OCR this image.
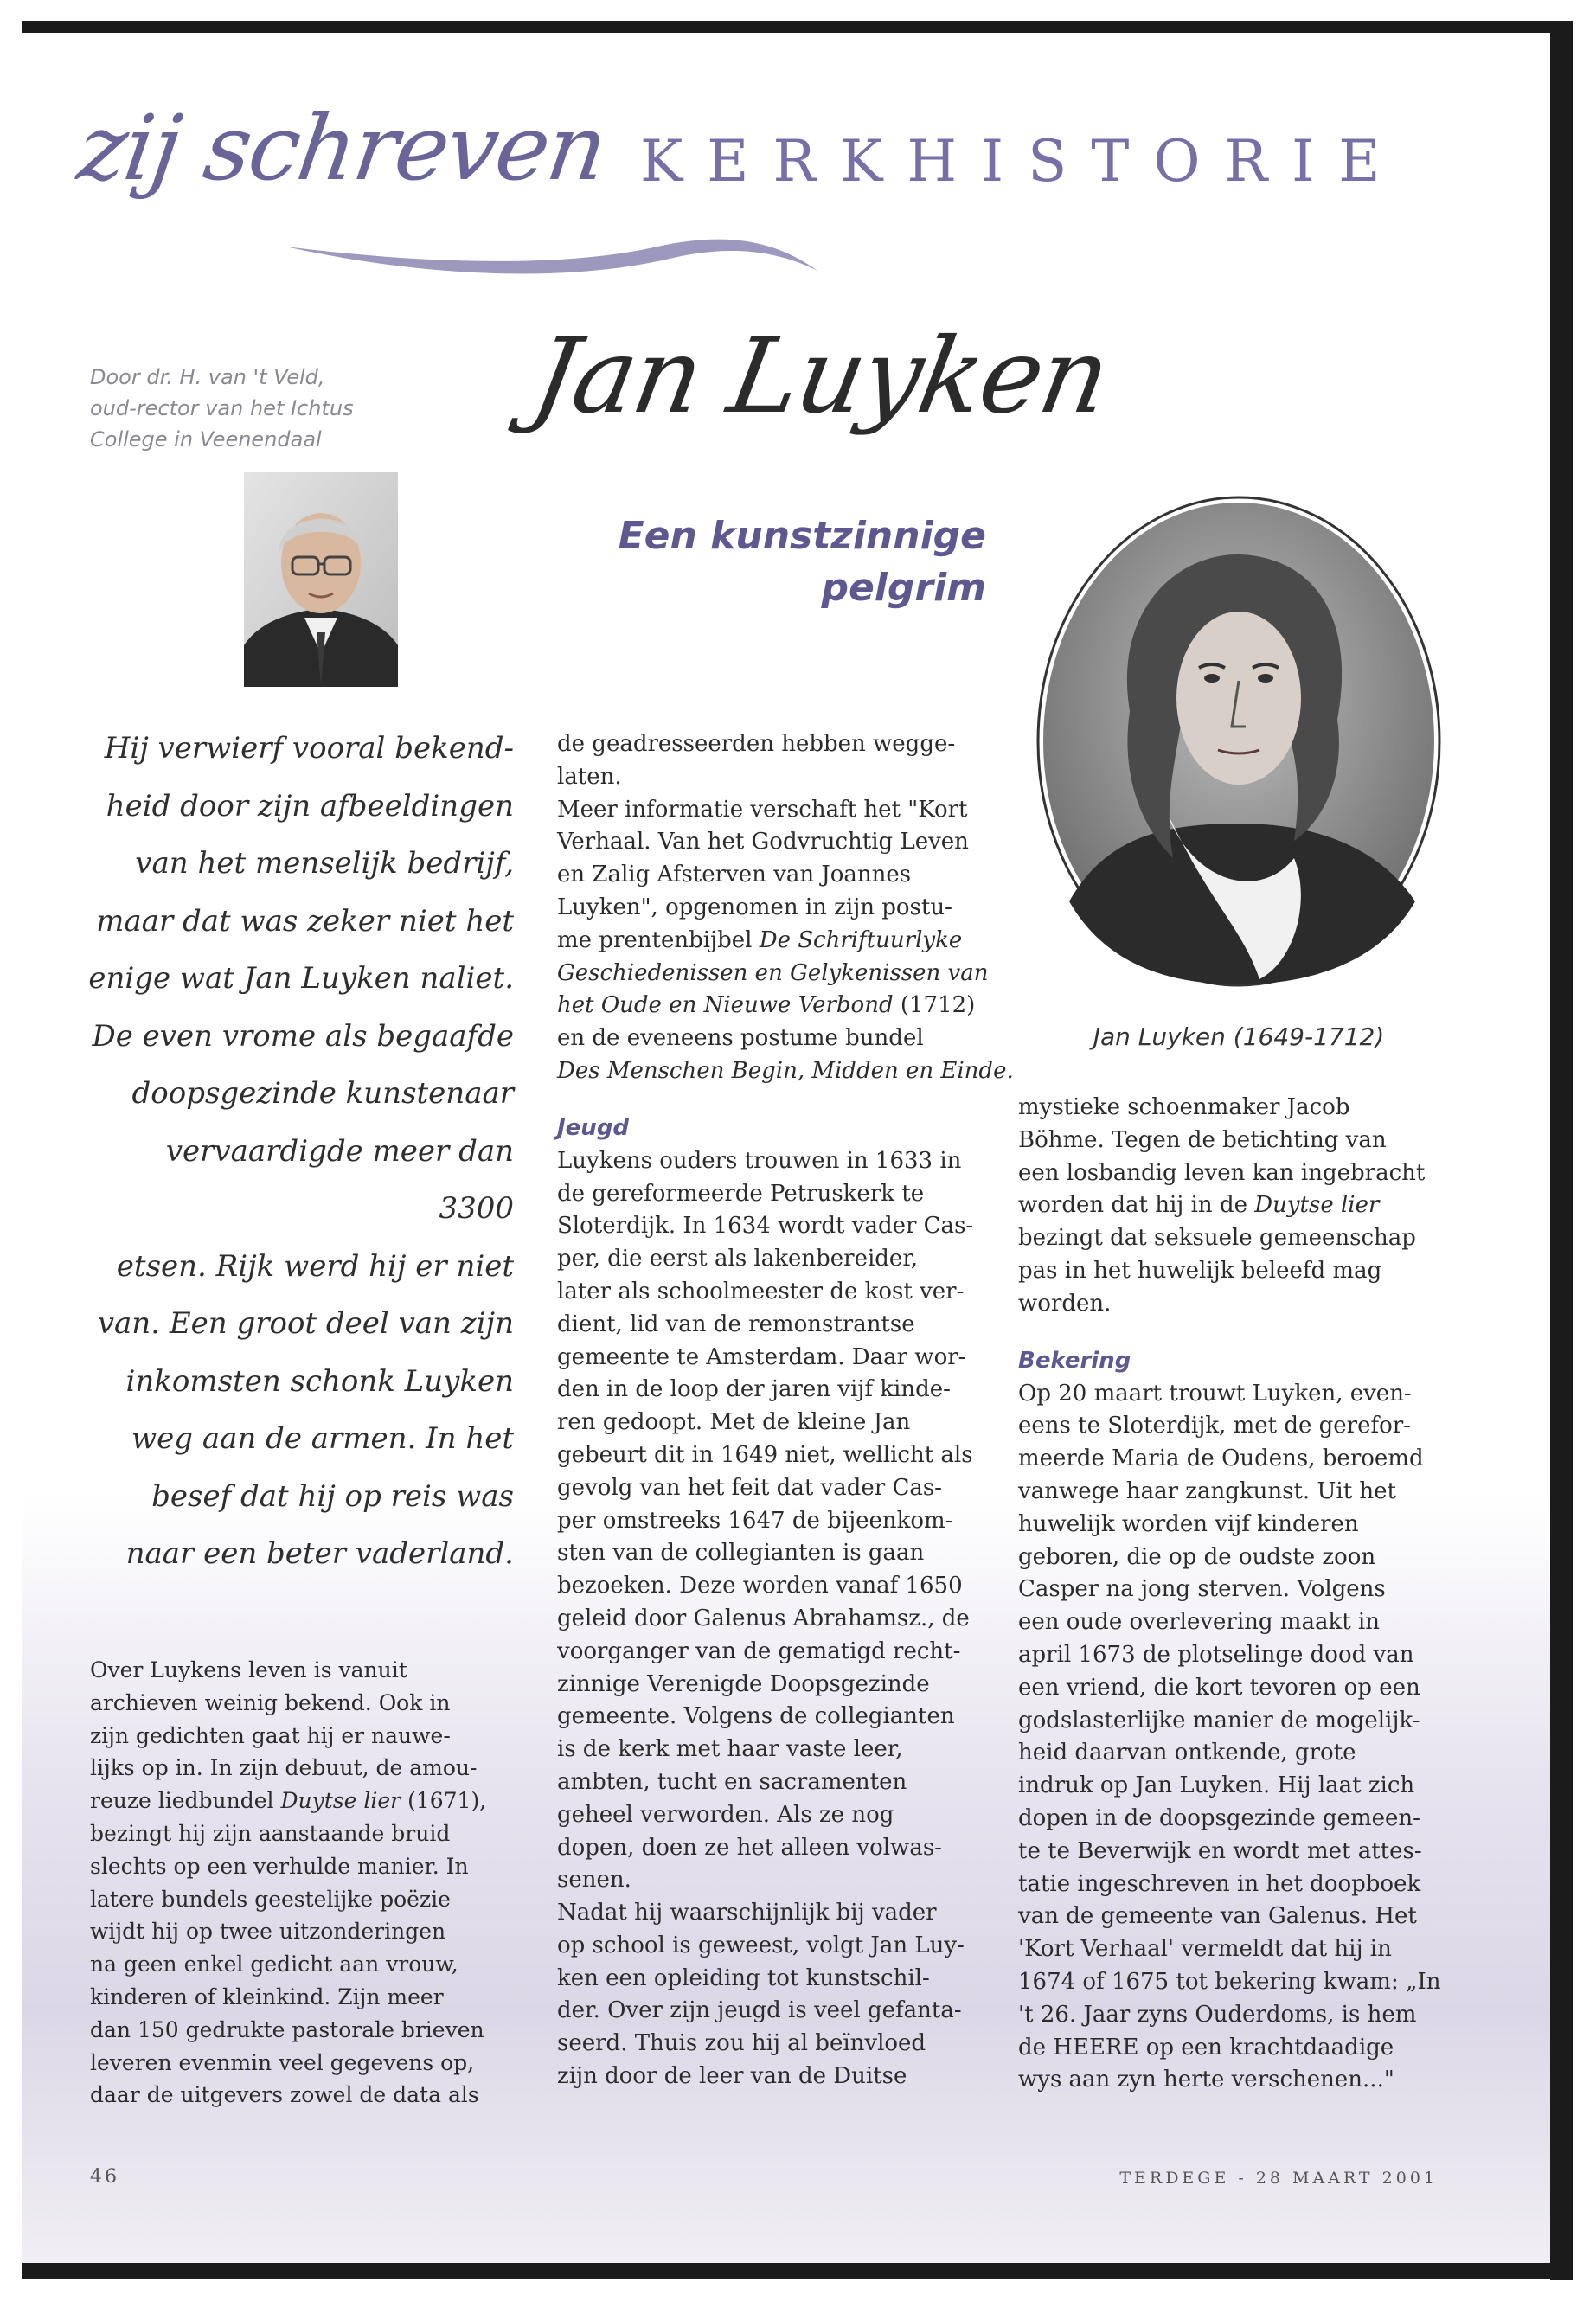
zij schreven KERKHISTORIE
Door dr. H. van 't Veld,
oud-rector van het Ichtus
College in Veenendaal
Jan Luyken
Een kunstzinnige
pelgrim
Jan Luyken (1649-1712)
Hij verwierf vooral bekend-
heid door zijn afbeeldingen
van het menselijk bedrijf,
maar dat was zeker niet het
enige wat Jan Luyken naliet.
De even vrome als begaafde
doopsgezinde kunstenaar
vervaardigde meer dan 3300
etsen. Rijk werd hij er niet
van. Een groot deel van zijn
inkomsten schonk Luyken
weg aan de armen. In het
besef dat hij op reis was
naar een beter vaderland.
Over Luykens leven is vanuit
archieven weinig bekend. Ook in
zijn gedichten gaat hij er nauwe-
lijks op in. In zijn debuut, de amou-
reuze liedbundel Duytse lier (1671),
bezingt hij zijn aanstaande bruid
slechts op een verhulde manier. In
latere bundels geestelijke poëzie
wijdt hij op twee uitzonderingen
na geen enkel gedicht aan vrouw,
kinderen of kleinkind. Zijn meer
dan 150 gedrukte pastorale brieven
leveren evenmin veel gegevens op,
daar de uitgevers zowel de data als
de geadresseerden hebben wegge-
laten.
Meer informatie verschaft het "Kort
Verhaal. Van het Godvruchtig Leven
en Zalig Afsterven van Joannes
Luyken", opgenomen in zijn postu-
me prentenbijbel De Schriftuurlyke
Geschiedenissen en Gelykenissen van
het Oude en Nieuwe Verbond (1712)
en de eveneens postume bundel
Des Menschen Begin, Midden en Einde.
Jeugd
Luykens ouders trouwen in 1633 in
de gereformeerde Petruskerk te
Sloterdijk. In 1634 wordt vader Cas-
per, die eerst als lakenbereider,
later als schoolmeester de kost ver-
dient, lid van de remonstrantse
gemeente te Amsterdam. Daar wor-
den in de loop der jaren vijf kinde-
ren gedoopt. Met de kleine Jan
gebeurt dit in 1649 niet, wellicht als
gevolg van het feit dat vader Cas-
per omstreeks 1647 de bijeenkom-
sten van de collegianten is gaan
bezoeken. Deze worden vanaf 1650
geleid door Galenus Abrahamsz., de
voorganger van de gematigd recht-
zinnige Verenigde Doopsgezinde
gemeente. Volgens de collegianten
is de kerk met haar vaste leer,
ambten, tucht en sacramenten
geheel verworden. Als ze nog
dopen, doen ze het alleen volwas-
senen.
Nadat hij waarschijnlijk bij vader
op school is geweest, volgt Jan Luy-
ken een opleiding tot kunstschil-
der. Over zijn jeugd is veel gefanta-
seerd. Thuis zou hij al beïnvloed
zijn door de leer van de Duitse
mystieke schoenmaker Jacob
Böhme. Tegen de betichting van
een losbandig leven kan ingebracht
worden dat hij in de Duytse lier
bezingt dat seksuele gemeenschap
pas in het huwelijk beleefd mag
worden.
Bekering
Op 20 maart trouwt Luyken, even-
eens te Sloterdijk, met de gerefor-
meerde Maria de Oudens, beroemd
vanwege haar zangkunst. Uit het
huwelijk worden vijf kinderen
geboren, die op de oudste zoon
Casper na jong sterven. Volgens
een oude overlevering maakt in
april 1673 de plotselinge dood van
een vriend, die kort tevoren op een
godslasterlijke manier de mogelijk-
heid daarvan ontkende, grote
indruk op Jan Luyken. Hij laat zich
dopen in de doopsgezinde gemeen-
te te Beverwijk en wordt met attes-
tatie ingeschreven in het doopboek
van de gemeente van Galenus. Het
'Kort Verhaal' vermeldt dat hij in
1674 of 1675 tot bekering kwam: „In
't 26. Jaar zyns Ouderdoms, is hem
de HEERE op een krachtdaadige
wys aan zyn herte verschenen..."
46	TERDEGE - 28 MAART 2001
